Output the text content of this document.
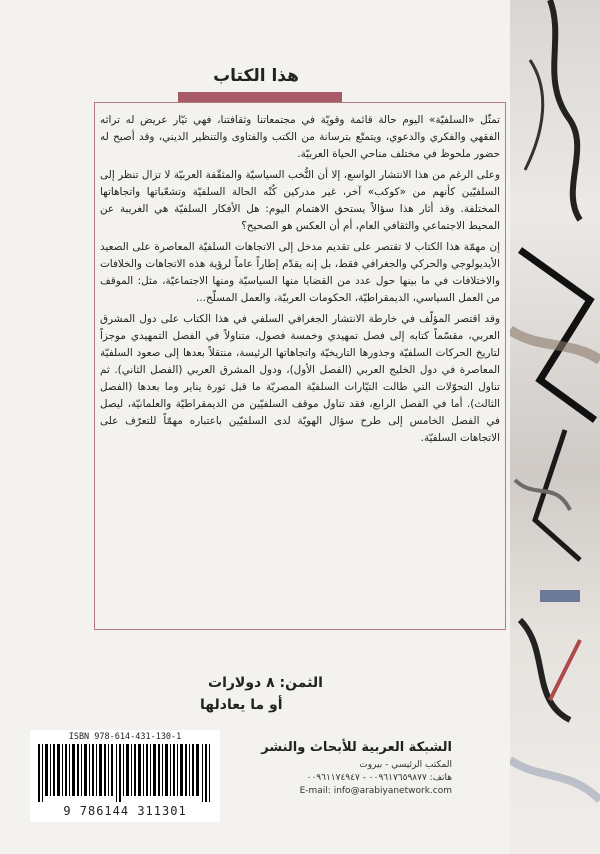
هذا الكتاب

تمثّل «السلفيّة» اليوم حالة قائمة وقويّة في مجتمعاتنا وثقافتنا، فهي تيّار عريض له تراثه الفقهي والفكري والدعوي، ويتمتّع بترسانة من الكتب والفتاوى والتنظير الديني، وقد أصبح له حضور ملحوظ في مختلف مناحي الحياة العربيّة.

وعلى الرغم من هذا الانتشار الواسع، إلا أن النُّخب السياسيّة والمثقّفة العربيّة لا تزال تنظر إلى السلفيّين كأنهم من «كوكب» آخر، غير مدركين كُنْه الحالة السلفيّة وتشعّباتها واتجاهاتها المختلفة. وقد أثار هذا سؤالاً يستحق الاهتمام اليوم: هل الأفكار السلفيّة هي الغريبة عن المحيط الاجتماعي والثقافي العام، أم أن العكس هو الصحيح؟

إن مهمّة هذا الكتاب لا تقتصر على تقديم مدخل إلى الاتجاهات السلفيّة المعاصرة على الصعيد الأيديولوجي والحركي والجغرافي فقط، بل إنه يقدّم إطاراً عاماً لرؤية هذه الاتجاهات والخلافات والاختلافات في ما بينها حول عدد من القضايا منها السياسيّة ومنها الاجتماعيّة، مثل: الموقف من العمل السياسي، الديمقراطيّة، الحكومات العربيّة، والعمل المسلّح...

وقد اقتصر المؤلّف في خارطة الانتشار الجغرافي السلفي في هذا الكتاب على دول المشرق العربي، مقسّماً كتابه إلى فصل تمهيدي وخمسة فصول، متناولاً في الفصل التمهيدي موجزاً لتاريخ الحركات السلفيّة وجذورها التاريخيّة واتجاهاتها الرئيسة، منتقلاً بعدها إلى صعود السلفيّة المعاصرة في دول الخليج العربي (الفصل الأول)، ودول المشرق العربي (الفصل الثاني). ثم تناول التحوّلات التي طالت التيّارات السلفيّة المصريّة ما قبل ثورة يناير وما بعدها (الفصل الثالث). أما في الفصل الرابع، فقد تناول موقف السلفيّين من الديمقراطيّة والعلمانيّة، ليصل في الفصل الخامس إلى طرح سؤال الهويّة لدى السلفيّين باعتباره مهمّاً للتعرّف على الاتجاهات السلفيّة.

الثمن: ٨ دولارات
أو ما يعادلها
ISBN 978-614-431-130-1
9 786144 311301
الشبكة العربية للأبحاث والنشر
المكتب الرئيسي - بيروت
هاتف: ٠٠٩٦١٧٦٥٩٨٧٧ - ٠٠٩٦١١٧٤٩٤٧
E-mail: info@arabiyanetwork.com
